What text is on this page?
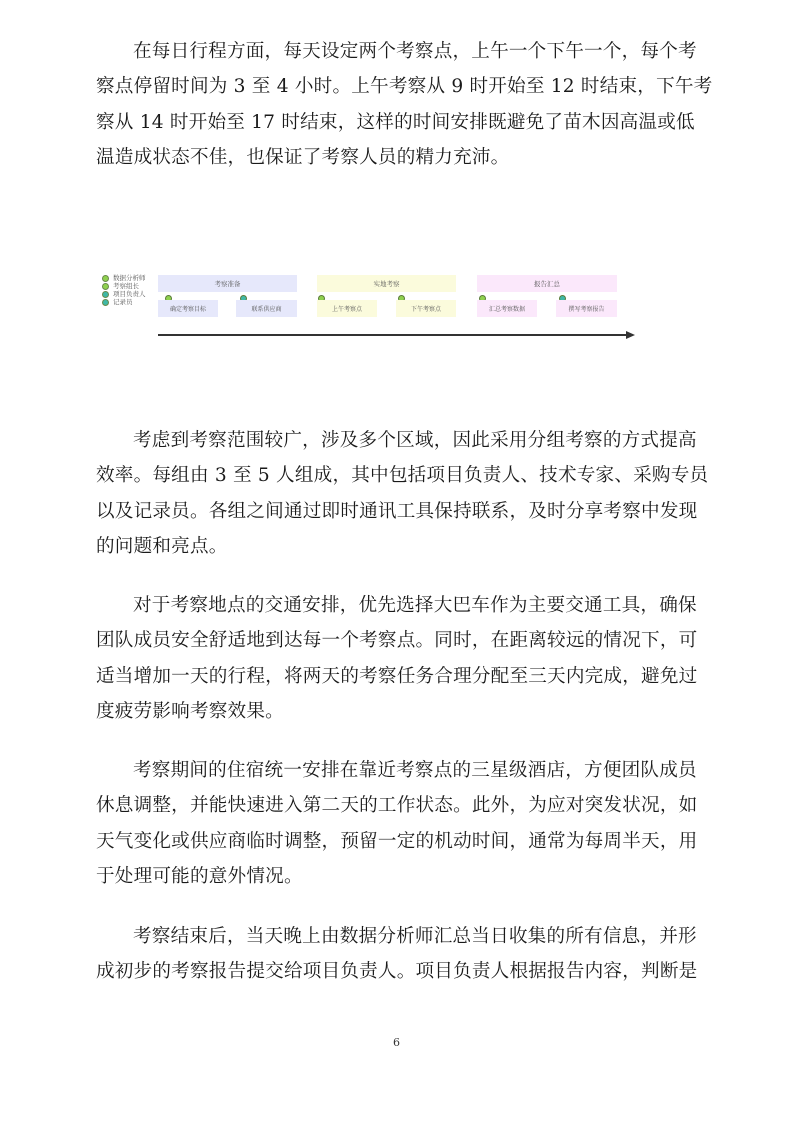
在每日行程方面，每天设定两个考察点，上午一个下午一个，每个考
察点停留时间为 3 至 4 小时。上午考察从 9 时开始至 12 时结束，下午考
察从 14 时开始至 17 时结束，这样的时间安排既避免了苗木因高温或低
温造成状态不佳，也保证了考察人员的精力充沛。
数据分析师
考察组长
项目负责人
记录员
考察准备	实地考察	报告汇总
确定考察目标	联系供应商	上午考察点	下午考察点	汇总考察数据	撰写考察报告
考虑到考察范围较广，涉及多个区域，因此采用分组考察的方式提高
效率。每组由 3 至 5 人组成，其中包括项目负责人、技术专家、采购专员
以及记录员。各组之间通过即时通讯工具保持联系，及时分享考察中发现
的问题和亮点。
对于考察地点的交通安排，优先选择大巴车作为主要交通工具，确保
团队成员安全舒适地到达每一个考察点。同时，在距离较远的情况下，可
适当增加一天的行程，将两天的考察任务合理分配至三天内完成，避免过
度疲劳影响考察效果。
考察期间的住宿统一安排在靠近考察点的三星级酒店，方便团队成员
休息调整，并能快速进入第二天的工作状态。此外，为应对突发状况，如
天气变化或供应商临时调整，预留一定的机动时间，通常为每周半天，用
于处理可能的意外情况。
考察结束后，当天晚上由数据分析师汇总当日收集的所有信息，并形
成初步的考察报告提交给项目负责人。项目负责人根据报告内容，判断是
6
